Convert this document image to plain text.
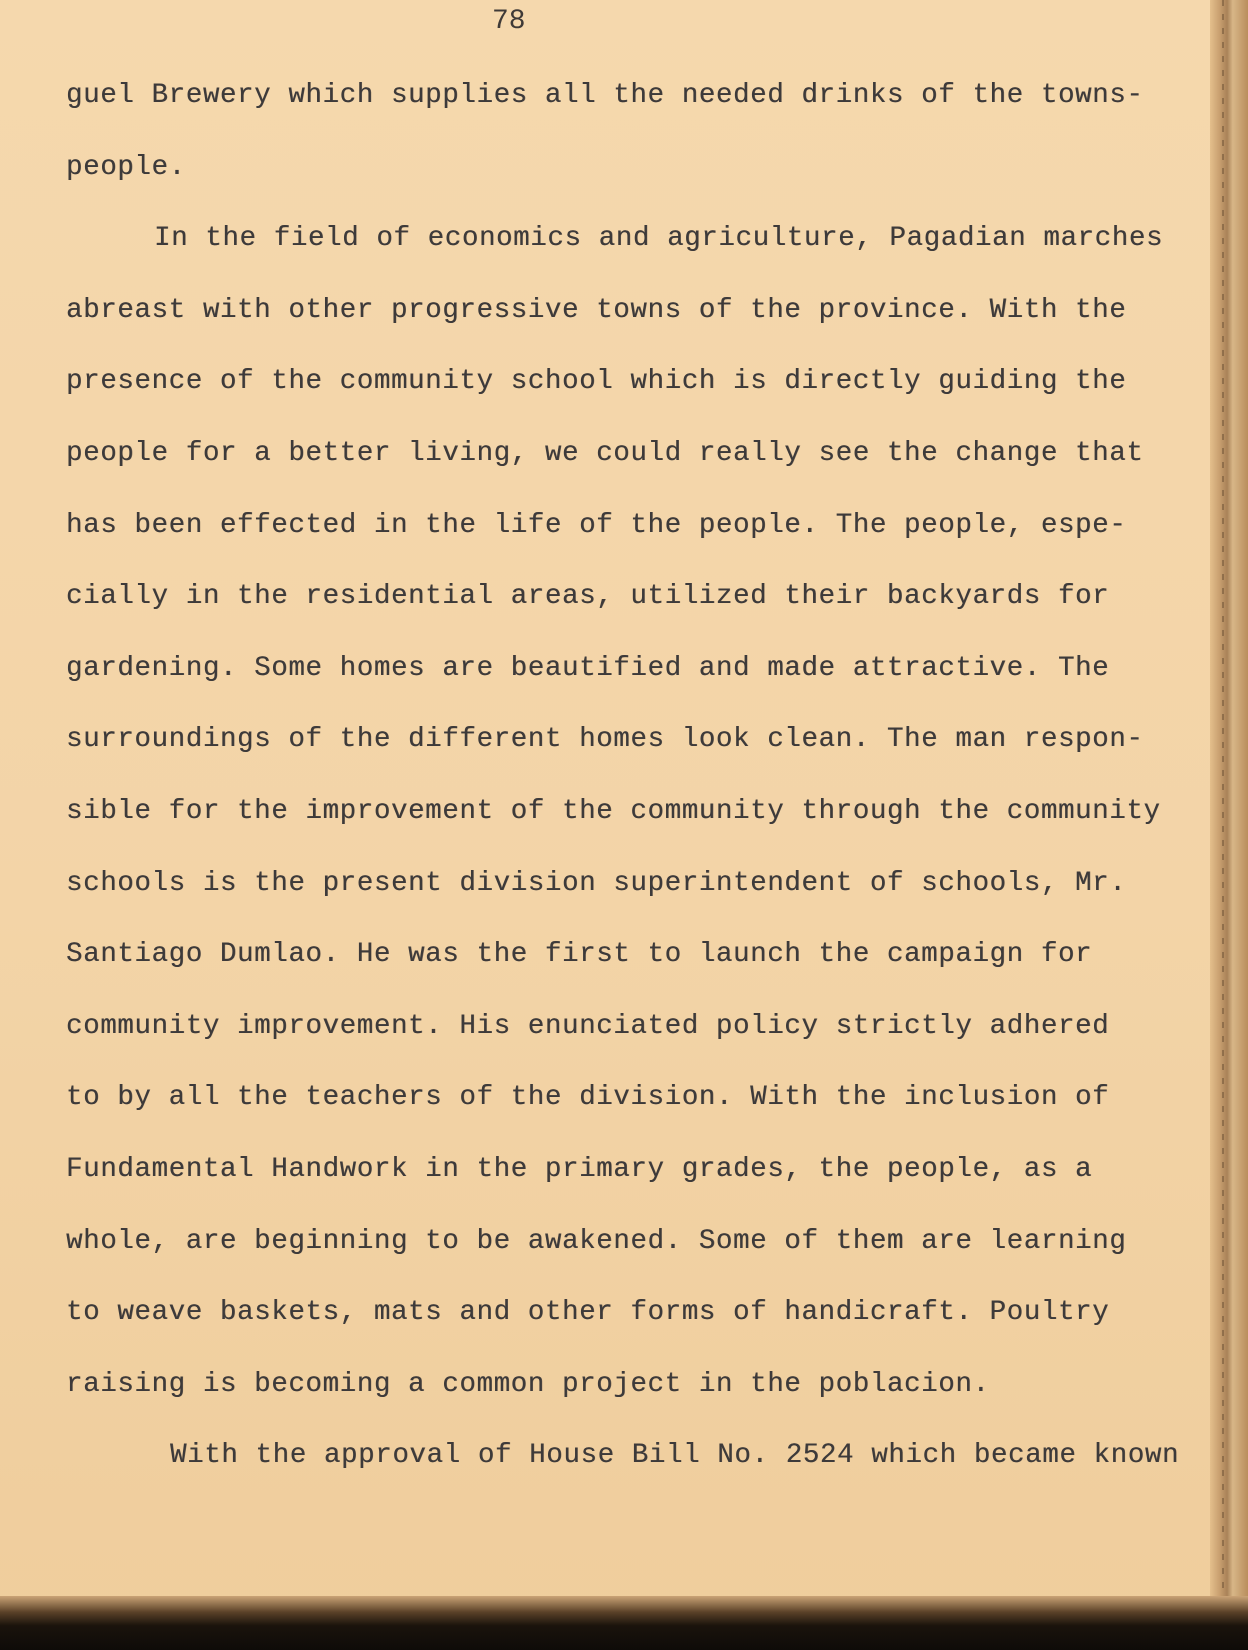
78
guel Brewery which supplies all the needed drinks of the towns-
people.
In the field of economics and agriculture, Pagadian marches
abreast with other progressive towns of the province. With the
presence of the community school which is directly guiding the
people for a better living, we could really see the change that
has been effected in the life of the people. The people, espe-
cially in the residential areas, utilized their backyards for
gardening. Some homes are beautified and made attractive. The
surroundings of the different homes look clean. The man respon-
sible for the improvement of the community through the community
schools is the present division superintendent of schools, Mr.
Santiago Dumlao. He was the first to launch the campaign for
community improvement. His enunciated policy strictly adhered
to by all the teachers of the division. With the inclusion of
Fundamental Handwork in the primary grades, the people, as a
whole, are beginning to be awakened. Some of them are learning
to weave baskets, mats and other forms of handicraft. Poultry
raising is becoming a common project in the poblacion.
With the approval of House Bill No. 2524 which became known
